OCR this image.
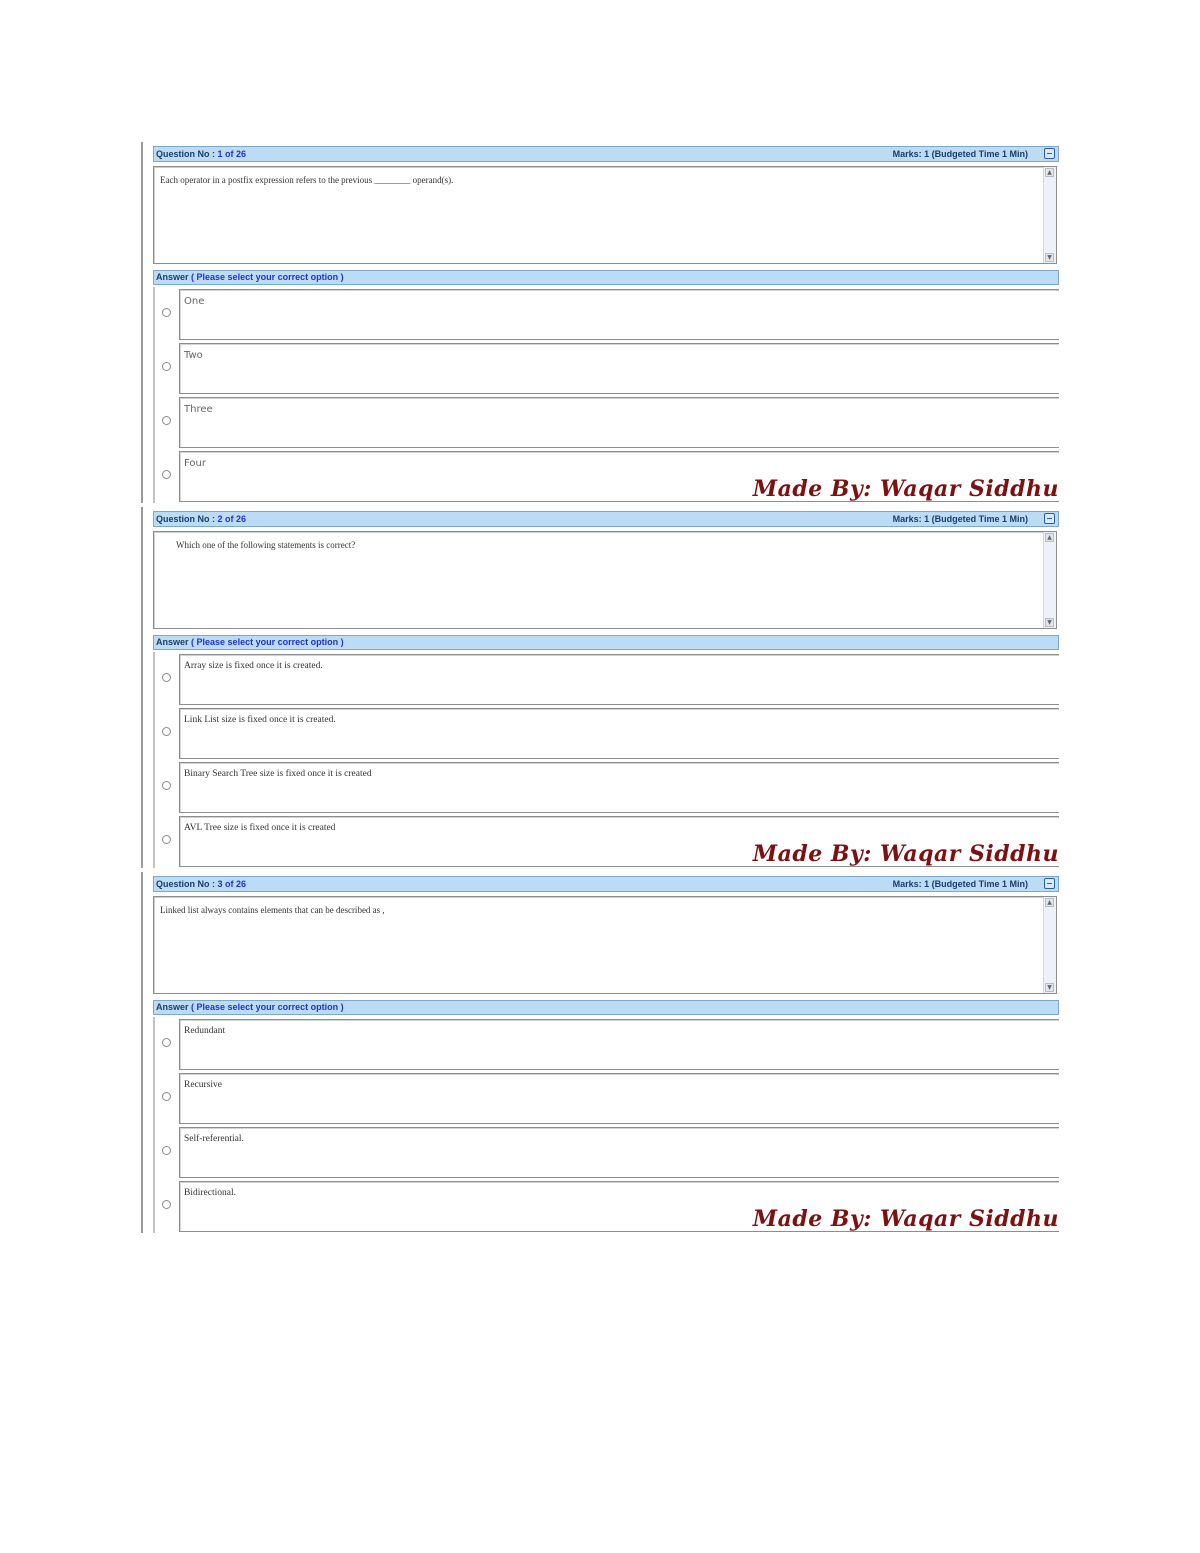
Question No : 1 of 26	Marks: 1 (Budgeted Time 1 Min)
Each operator in a postfix expression refers to the previous ________ operand(s).
▲
▼
Answer ( Please select your correct option )
One
Two
Three
Four
Made By: Waqar Siddhu
Question No : 2 of 26	Marks: 1 (Budgeted Time 1 Min)
Which one of the following statements is correct?
▲
▼
Answer ( Please select your correct option )
Array size is fixed once it is created.
Link List size is fixed once it is created.
Binary Search Tree size is fixed once it is created
AVL Tree size is fixed once it is created
Made By: Waqar Siddhu
Question No : 3 of 26	Marks: 1 (Budgeted Time 1 Min)
Linked list always contains elements that can be described as ,
▲
▼
Answer ( Please select your correct option )
Redundant
Recursive
Self-referential.
Bidirectional.
Made By: Waqar Siddhu
